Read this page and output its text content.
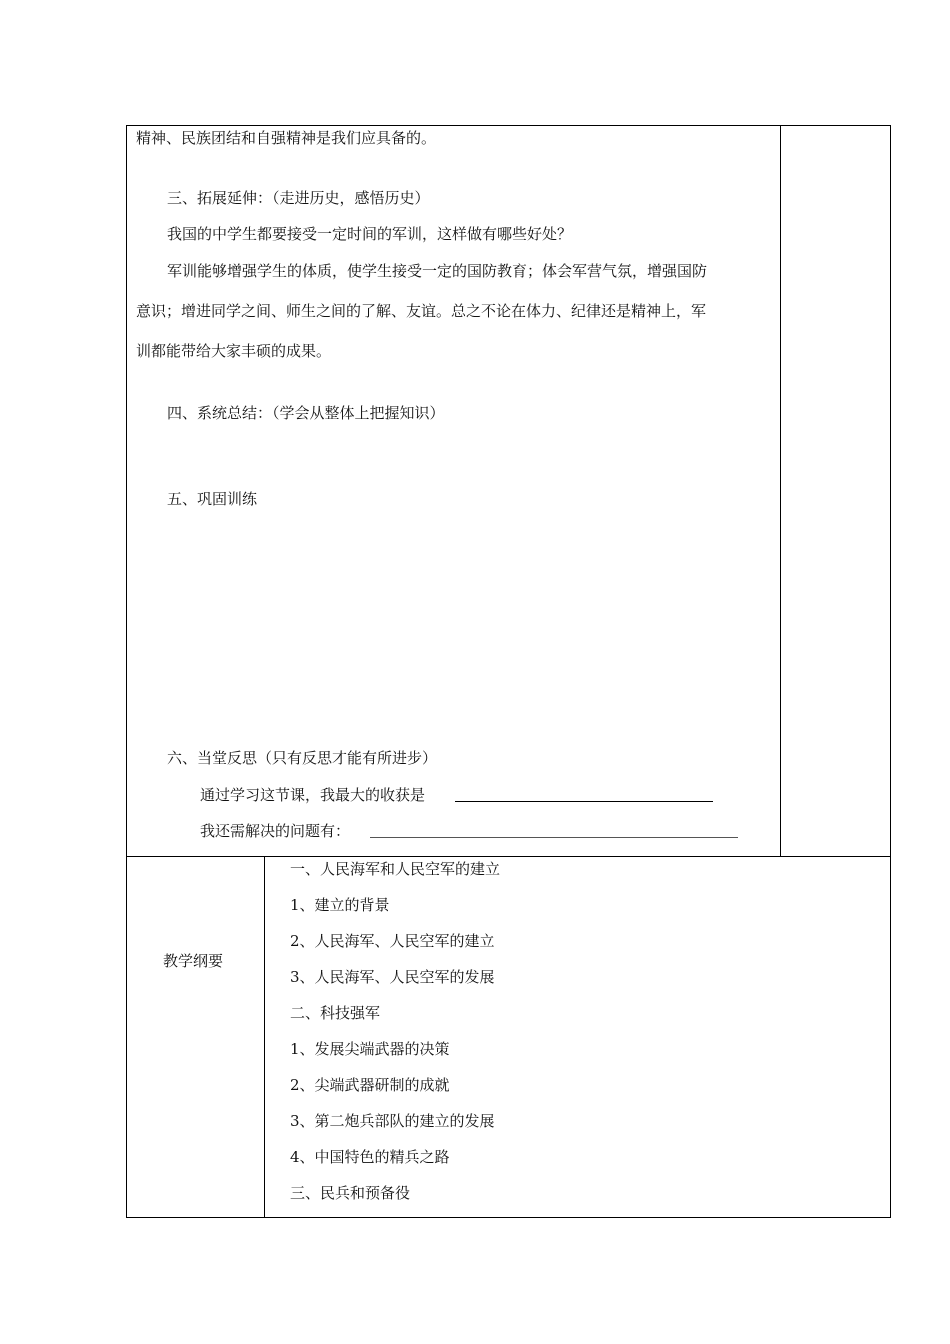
精神、民族团结和自强精神是我们应具备的。
三、拓展延伸：（走进历史，感悟历史）
我国的中学生都要接受一定时间的军训，这样做有哪些好处？
军训能够增强学生的体质，使学生接受一定的国防教育；体会军营气氛，增强国防
意识；增进同学之间、师生之间的了解、友谊。总之不论在体力、纪律还是精神上，军
训都能带给大家丰硕的成果。
四、系统总结：（学会从整体上把握知识）
五、巩固训练
六、当堂反思（只有反思才能有所进步）
通过学习这节课，我最大的收获是
我还需解决的问题有：
教学纲要
一、人民海军和人民空军的建立
1、建立的背景
2、人民海军、人民空军的建立
3、人民海军、人民空军的发展
二、科技强军
1、发展尖端武器的决策
2、尖端武器研制的成就
3、第二炮兵部队的建立的发展
4、中国特色的精兵之路
三、民兵和预备役
